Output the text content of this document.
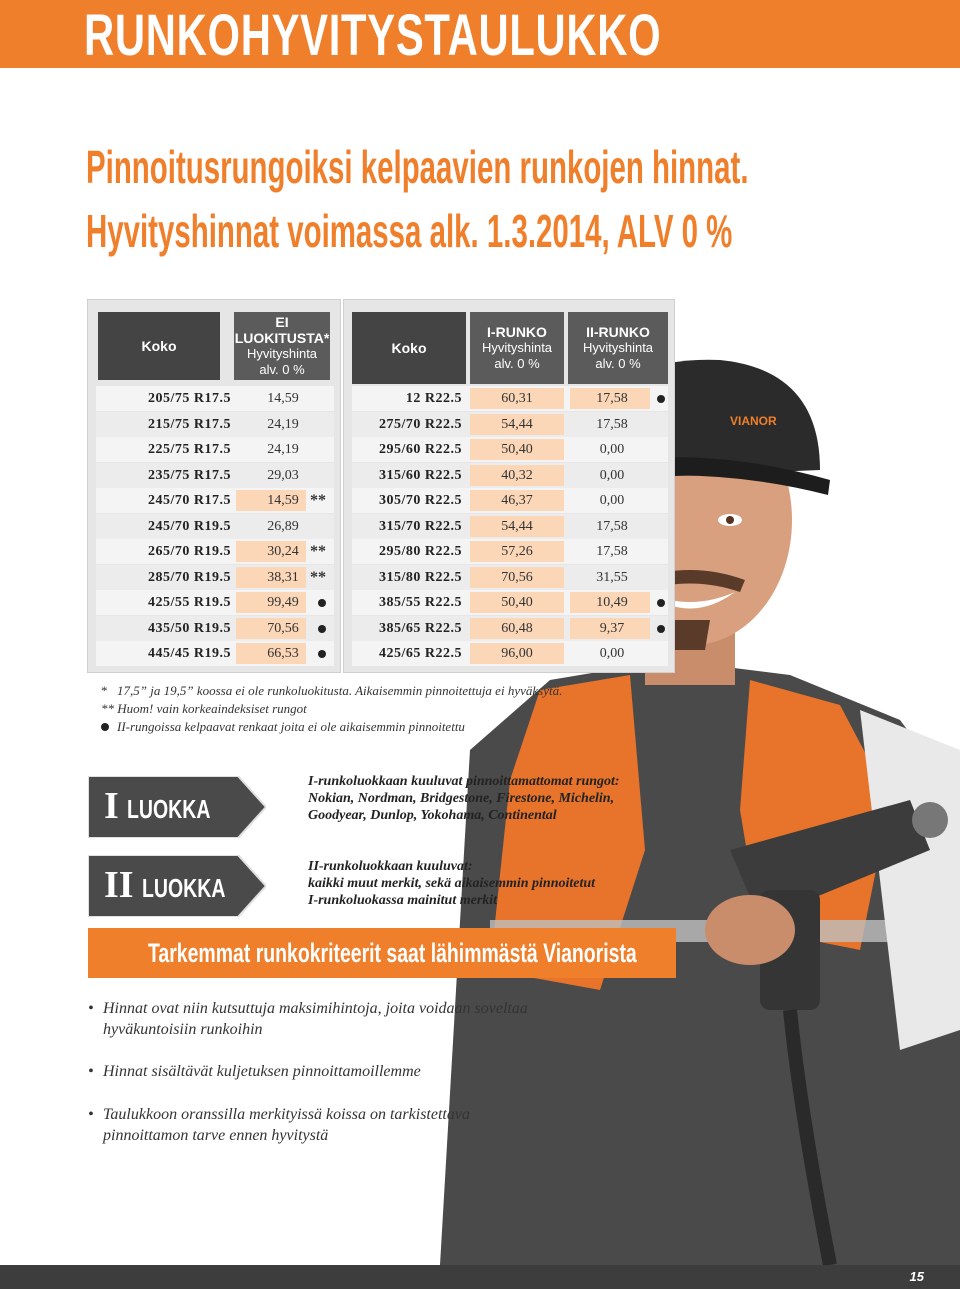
RUNKOHYVITYSTAULUKKO
Pinnoitusrungoiksi kelpaavien runkojen hinnat.
Hyvityshinnat voimassa alk. 1.3.2014, ALV 0 %
VIANOR
Koko
EI
LUOKITUSTA*
Hyvityshinta
alv. 0 %
205/75 R17.5	14,59
215/75 R17.5	24,19
225/75 R17.5	24,19
235/75 R17.5	29,03
245/70 R17.5	14,59 **
245/70 R19.5	26,89
265/70 R19.5	30,24 **
285/70 R19.5	38,31 **
425/55 R19.5	99,49
435/50 R19.5	70,56
445/45 R19.5	66,53
Koko
I-RUNKO
Hyvityshinta
alv. 0 %
II-RUNKO
Hyvityshinta
alv. 0 %
12 R22.5	60,31	17,58
275/70 R22.5	54,44	17,58
295/60 R22.5	50,40	0,00
315/60 R22.5	40,32	0,00
305/70 R22.5	46,37	0,00
315/70 R22.5	54,44	17,58
295/80 R22.5	57,26	17,58
315/80 R22.5	70,56	31,55
385/55 R22.5	50,40	10,49
385/65 R22.5	60,48	9,37
425/65 R22.5	96,00	0,00
* 17,5” ja 19,5” koossa ei ole runkoluokitusta. Aikaisemmin pinnoitettuja ei hyväksytä.
** Huom! vain korkeaindeksiset rungot
II-rungoissa kelpaavat renkaat joita ei ole aikaisemmin pinnoitettu
I LUOKKA
I-runkoluokkaan kuuluvat pinnoittamattomat rungot:
Nokian, Nordman, Bridgestone, Firestone, Michelin,
Goodyear, Dunlop, Yokohama, Continental
II LUOKKA
II-runkoluokkaan kuuluvat:
kaikki muut merkit, sekä aikaisemmin pinnoitetut
I-runkoluokassa mainitut merkit
Tarkemmat runkokriteerit saat lähimmästä Vianorista
• Hinnat ovat niin kutsuttuja maksimihintoja, joita voidaan soveltaa hyväkuntoisiin runkoihin
• Hinnat sisältävät kuljetuksen pinnoittamoillemme
• Taulukkoon oranssilla merkityissä koissa on tarkistettava pinnoittamon tarve ennen hyvitystä
15
